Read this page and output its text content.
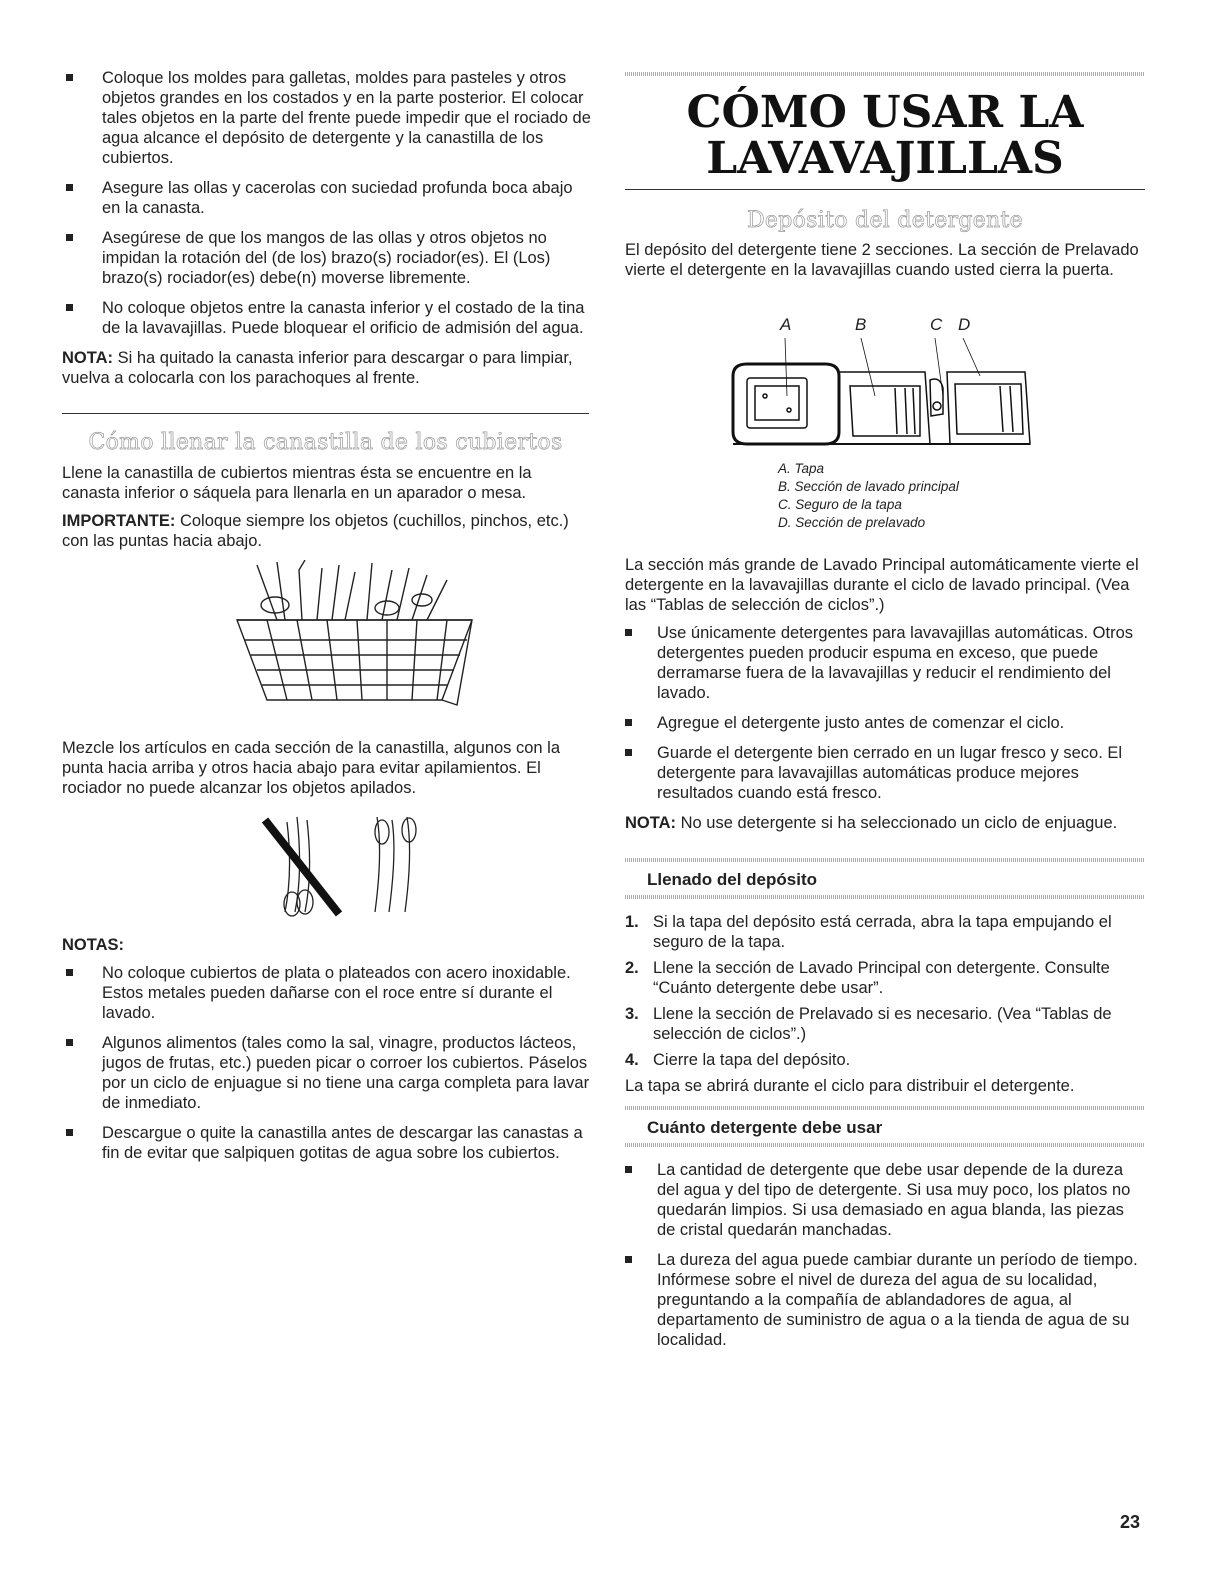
Coloque los moldes para galletas, moldes para pasteles y otros objetos grandes en los costados y en la parte posterior. El colocar tales objetos en la parte del frente puede impedir que el rociado de agua alcance el depósito de detergente y la canastilla de los cubiertos.
Asegure las ollas y cacerolas con suciedad profunda boca abajo en la canasta.
Asegúrese de que los mangos de las ollas y otros objetos no impidan la rotación del (de los) brazo(s) rociador(es). El (Los) brazo(s) rociador(es) debe(n) moverse libremente.
No coloque objetos entre la canasta inferior y el costado de la tina de la lavavajillas. Puede bloquear el orificio de admisión del agua.

NOTA: Si ha quitado la canasta inferior para descargar o para limpiar, vuelva a colocarla con los parachoques al frente.

Cómo llenar la canastilla de los cubiertos

Llene la canastilla de cubiertos mientras ésta se encuentre en la canasta inferior o sáquela para llenarla en un aparador o mesa.

IMPORTANTE: Coloque siempre los objetos (cuchillos, pinchos, etc.) con las puntas hacia abajo.

Mezcle los artículos en cada sección de la canastilla, algunos con la punta hacia arriba y otros hacia abajo para evitar apilamientos. El rociador no puede alcanzar los objetos apilados.

NOTAS:
No coloque cubiertos de plata o plateados con acero inoxidable. Estos metales pueden dañarse con el roce entre sí durante el lavado.
Algunos alimentos (tales como la sal, vinagre, productos lácteos, jugos de frutas, etc.) pueden picar o corroer los cubiertos. Páselos por un ciclo de enjuague si no tiene una carga completa para lavar de inmediato.
Descargue o quite la canastilla antes de descargar las canastas a fin de evitar que salpiquen gotitas de agua sobre los cubiertos.
CÓMO USAR LA
LAVAVAJILLAS
Depósito del detergente

El depósito del detergente tiene 2 secciones. La sección de Prelavado vierte el detergente en la lavavajillas cuando usted cierra la puerta.

A	B	C D
A. Tapa
B. Sección de lavado principal
C. Seguro de la tapa
D. Sección de prelavado

La sección más grande de Lavado Principal automáticamente vierte el detergente en la lavavajillas durante el ciclo de lavado principal. (Vea las “Tablas de selección de ciclos”.)

Use únicamente detergentes para lavavajillas automáticas. Otros detergentes pueden producir espuma en exceso, que puede derramarse fuera de la lavavajillas y reducir el rendimiento del lavado.
Agregue el detergente justo antes de comenzar el ciclo.
Guarde el detergente bien cerrado en un lugar fresco y seco. El detergente para lavavajillas automáticas produce mejores resultados cuando está fresco.

NOTA: No use detergente si ha seleccionado un ciclo de enjuague.

Llenado del depósito
1. Si la tapa del depósito está cerrada, abra la tapa empujando el seguro de la tapa.
2. Llene la sección de Lavado Principal con detergente. Consulte “Cuánto detergente debe usar”.
3. Llene la sección de Prelavado si es necesario. (Vea “Tablas de selección de ciclos”.)
4. Cierre la tapa del depósito.

La tapa se abrirá durante el ciclo para distribuir el detergente.

Cuánto detergente debe usar
La cantidad de detergente que debe usar depende de la dureza del agua y del tipo de detergente. Si usa muy poco, los platos no quedarán limpios. Si usa demasiado en agua blanda, las piezas de cristal quedarán manchadas.
La dureza del agua puede cambiar durante un período de tiempo. Infórmese sobre el nivel de dureza del agua de su localidad, preguntando a la compañía de ablandadores de agua, al departamento de suministro de agua o a la tienda de agua de su localidad.
23
